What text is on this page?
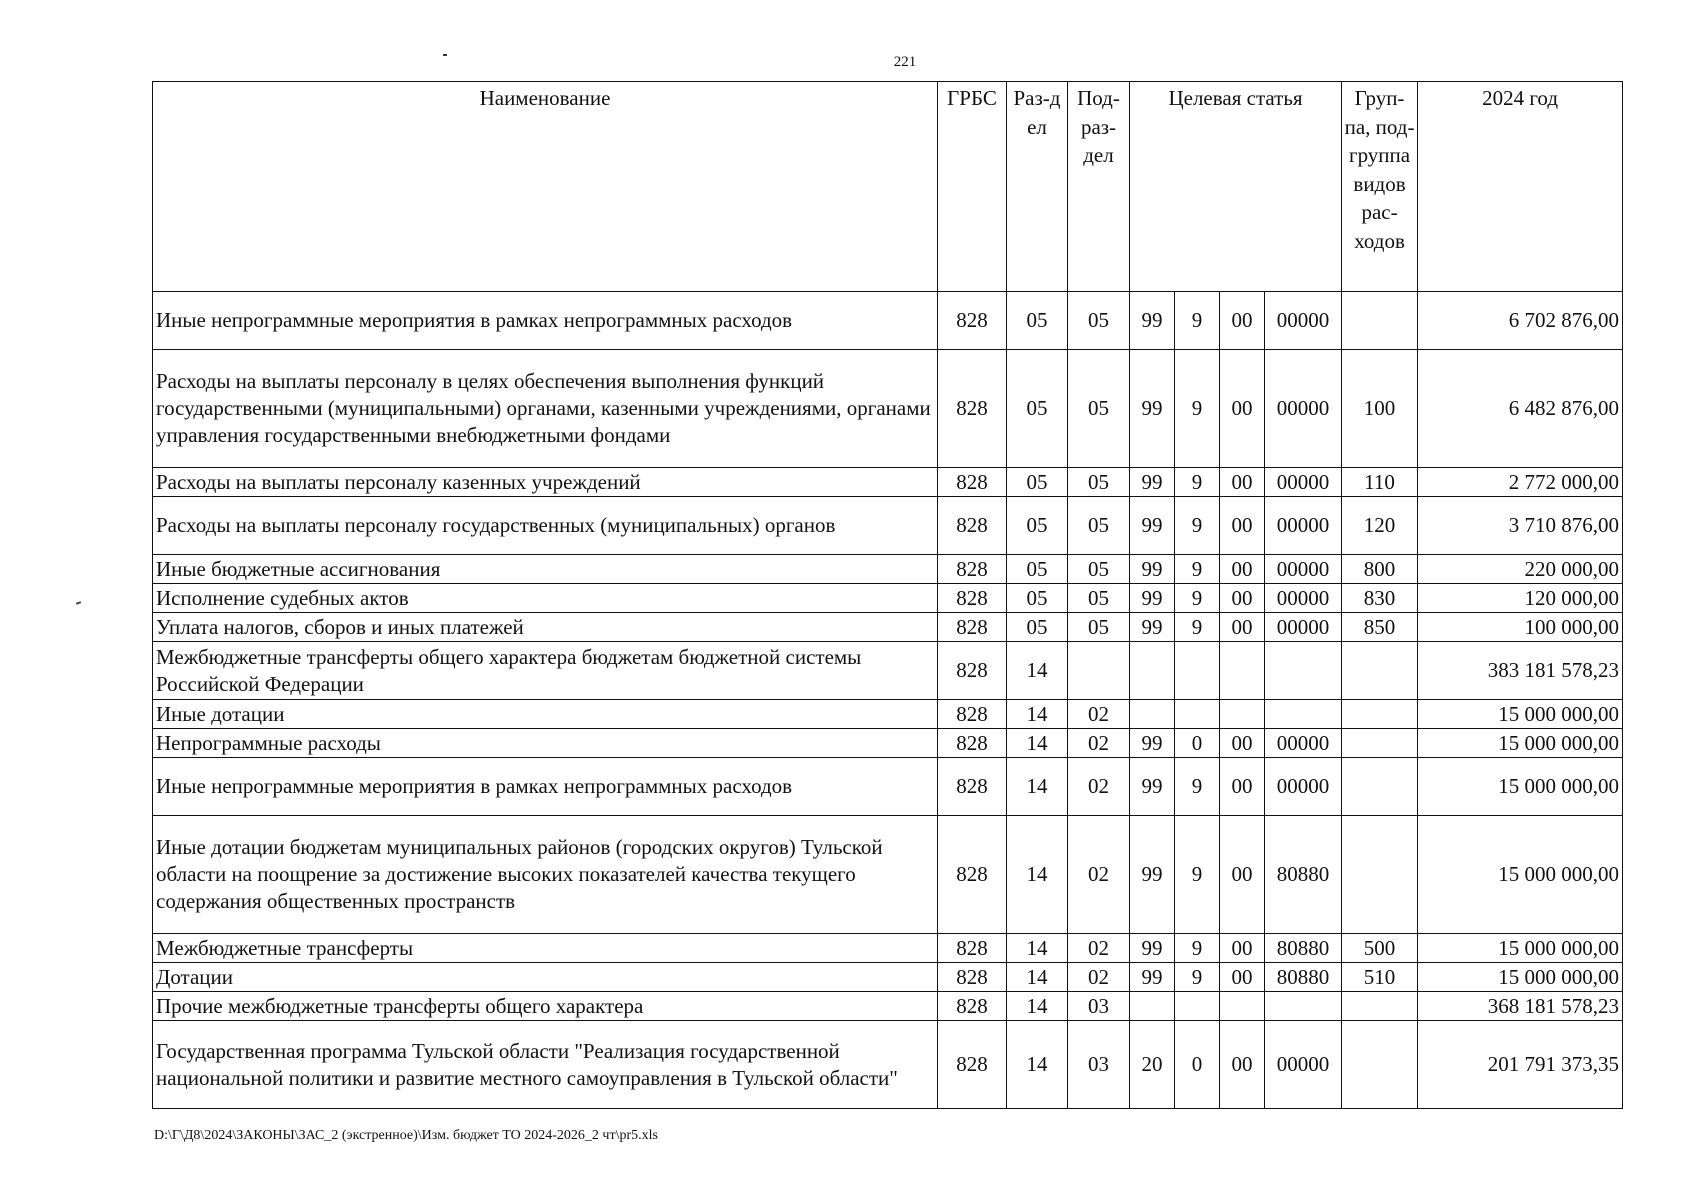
221
Наименование	ГРБС	Раз-дел	Под-раз-дел	Целевая статья				Груп-па, под-группа видов рас-ходов	2024 год
Иные непрограммные мероприятия в рамках непрограммных расходов	828	05	05	99	9	00	00000		6 702 876,00
Расходы на выплаты персоналу в целях обеспечения выполнения функций государственными (муниципальными) органами, казенными учреждениями, органами управления государственными внебюджетными фондами	828	05	05	99	9	00	00000	100	6 482 876,00
Расходы на выплаты персоналу казенных учреждений	828	05	05	99	9	00	00000	110	2 772 000,00
Расходы на выплаты персоналу государственных (муниципальных) органов	828	05	05	99	9	00	00000	120	3 710 876,00
Иные бюджетные ассигнования	828	05	05	99	9	00	00000	800	220 000,00
Исполнение судебных актов	828	05	05	99	9	00	00000	830	120 000,00
Уплата налогов, сборов и иных платежей	828	05	05	99	9	00	00000	850	100 000,00
Межбюджетные трансферты общего характера бюджетам бюджетной системы Российской Федерации	828	14							383 181 578,23
Иные дотации	828	14	02						15 000 000,00
Непрограммные расходы	828	14	02	99	0	00	00000		15 000 000,00
Иные непрограммные мероприятия в рамках непрограммных расходов	828	14	02	99	9	00	00000		15 000 000,00
Иные дотации бюджетам муниципальных районов (городских округов) Тульской области на поощрение за достижение высоких показателей качества текущего содержания общественных пространств	828	14	02	99	9	00	80880		15 000 000,00
Межбюджетные трансферты	828	14	02	99	9	00	80880	500	15 000 000,00
Дотации	828	14	02	99	9	00	80880	510	15 000 000,00
Прочие межбюджетные трансферты общего характера	828	14	03						368 181 578,23
Государственная программа Тульской области "Реализация государственной национальной политики и развитие местного самоуправления в Тульской области"	828	14	03	20	0	00	00000		201 791 373,35
D:\Г\Д8\2024\ЗАКОНЫ\ЗАС_2 (экстренное)\Изм. бюджет ТО 2024-2026_2 чт\pr5.xls
